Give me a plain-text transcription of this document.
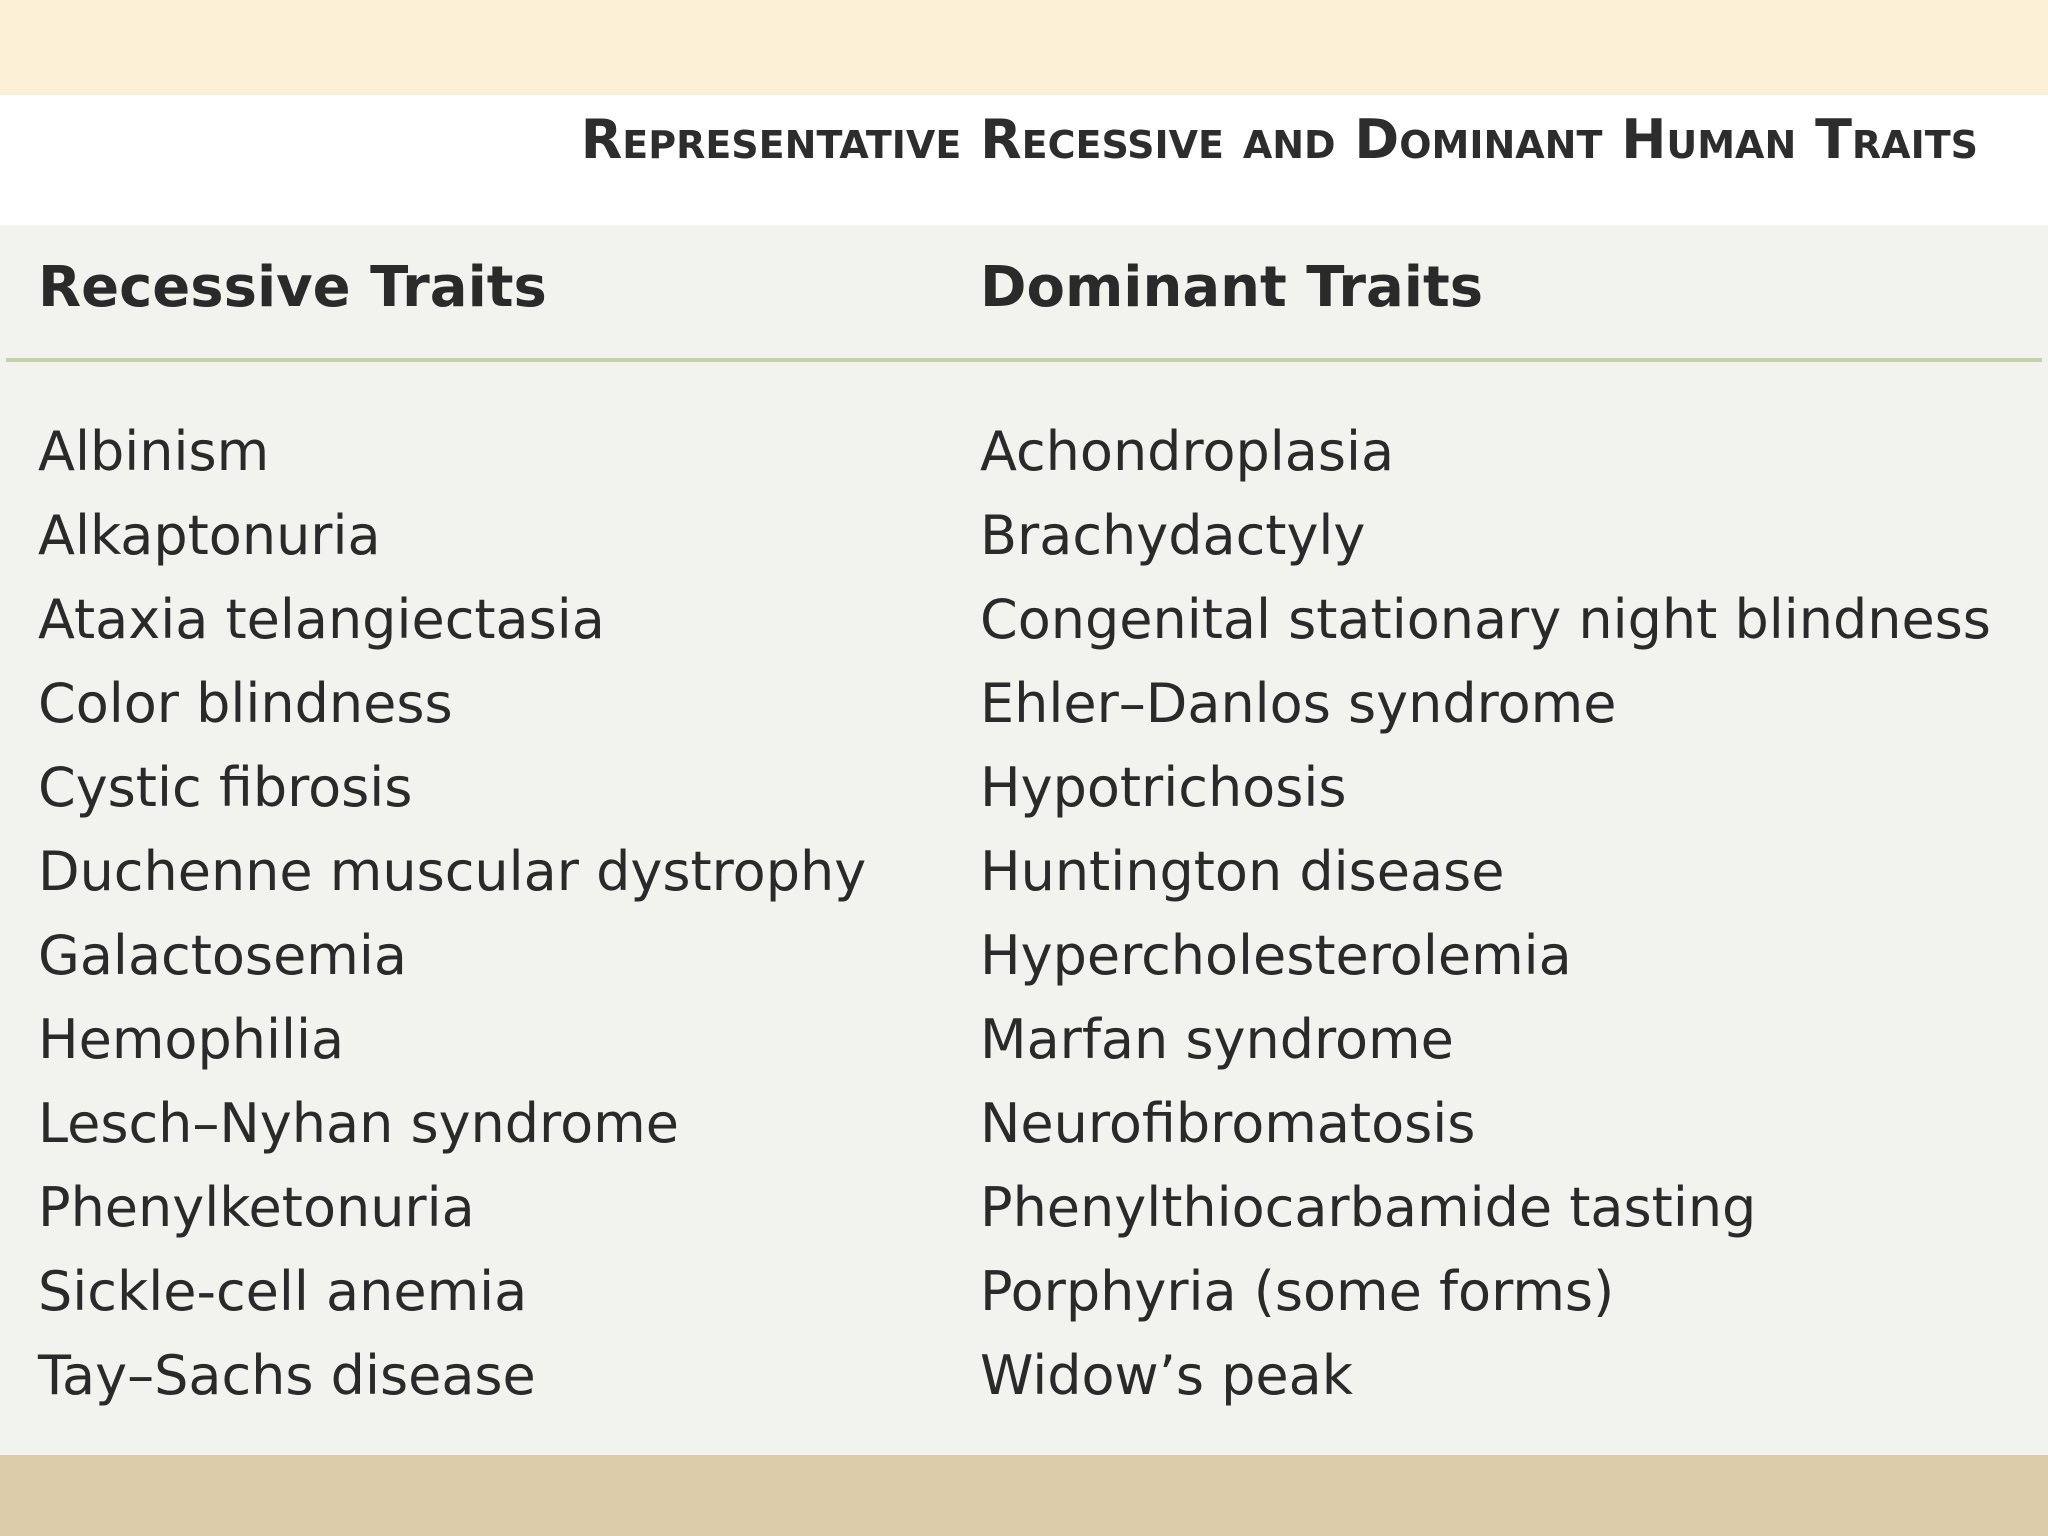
Representative Recessive and Dominant Human Traits
Recessive Traits	Dominant Traits
Albinism
Alkaptonuria
Ataxia telangiectasia
Color blindness
Cystic fibrosis
Duchenne muscular dystrophy
Galactosemia
Hemophilia
Lesch–Nyhan syndrome
Phenylketonuria
Sickle-cell anemia
Tay–Sachs disease
Achondroplasia
Brachydactyly
Congenital stationary night blindness
Ehler–Danlos syndrome
Hypotrichosis
Huntington disease
Hypercholesterolemia
Marfan syndrome
Neurofibromatosis
Phenylthiocarbamide tasting
Porphyria (some forms)
Widow’s peak
